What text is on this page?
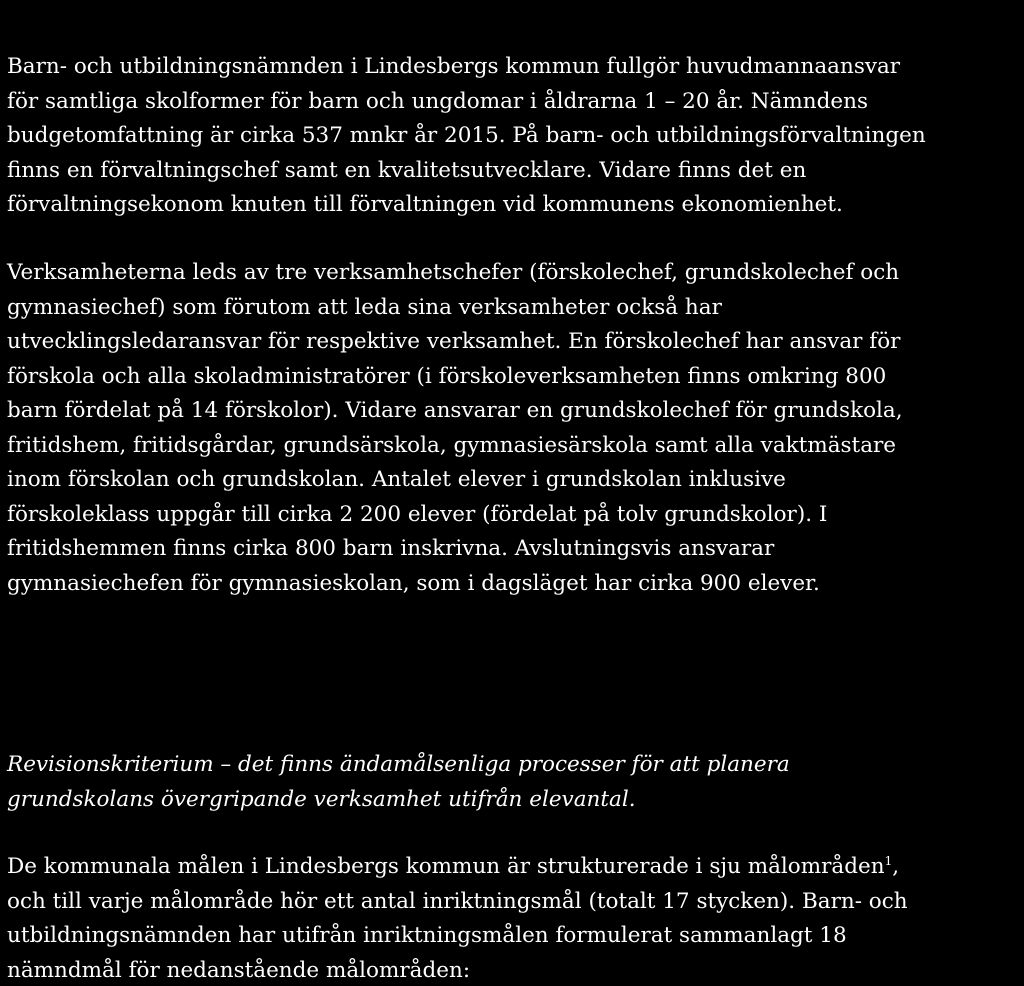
Barn- och utbildningsnämnden i Lindesbergs kommun fullgör huvudmannaansvar
för samtliga skolformer för barn och ungdomar i åldrarna 1 – 20 år. Nämndens
budgetomfattning är cirka 537 mnkr år 2015. På barn- och utbildningsförvaltningen
finns en förvaltningschef samt en kvalitetsutvecklare. Vidare finns det en
förvaltningsekonom knuten till förvaltningen vid kommunens ekonomienhet.
Verksamheterna leds av tre verksamhetschefer (förskolechef, grundskolechef och
gymnasiechef) som förutom att leda sina verksamheter också har
utvecklingsledaransvar för respektive verksamhet. En förskolechef har ansvar för
förskola och alla skoladministratörer (i förskoleverksamheten finns omkring 800
barn fördelat på 14 förskolor). Vidare ansvarar en grundskolechef för grundskola,
fritidshem, fritidsgårdar, grundsärskola, gymnasiesärskola samt alla vaktmästare
inom förskolan och grundskolan. Antalet elever i grundskolan inklusive
förskoleklass uppgår till cirka 2 200 elever (fördelat på tolv grundskolor). I
fritidshemmen finns cirka 800 barn inskrivna. Avslutningsvis ansvarar
gymnasiechefen för gymnasieskolan, som i dagsläget har cirka 900 elever.
Revisionskriterium – det finns ändamålsenliga processer för att planera
grundskolans övergripande verksamhet utifrån elevantal.
De kommunala målen i Lindesbergs kommun är strukturerade i sju målområden$^1$,
och till varje målområde hör ett antal inriktningsmål (totalt 17 stycken). Barn- och
utbildningsnämnden har utifrån inriktningsmålen formulerat sammanlagt 18
nämndmål för nedanstående målområden:
